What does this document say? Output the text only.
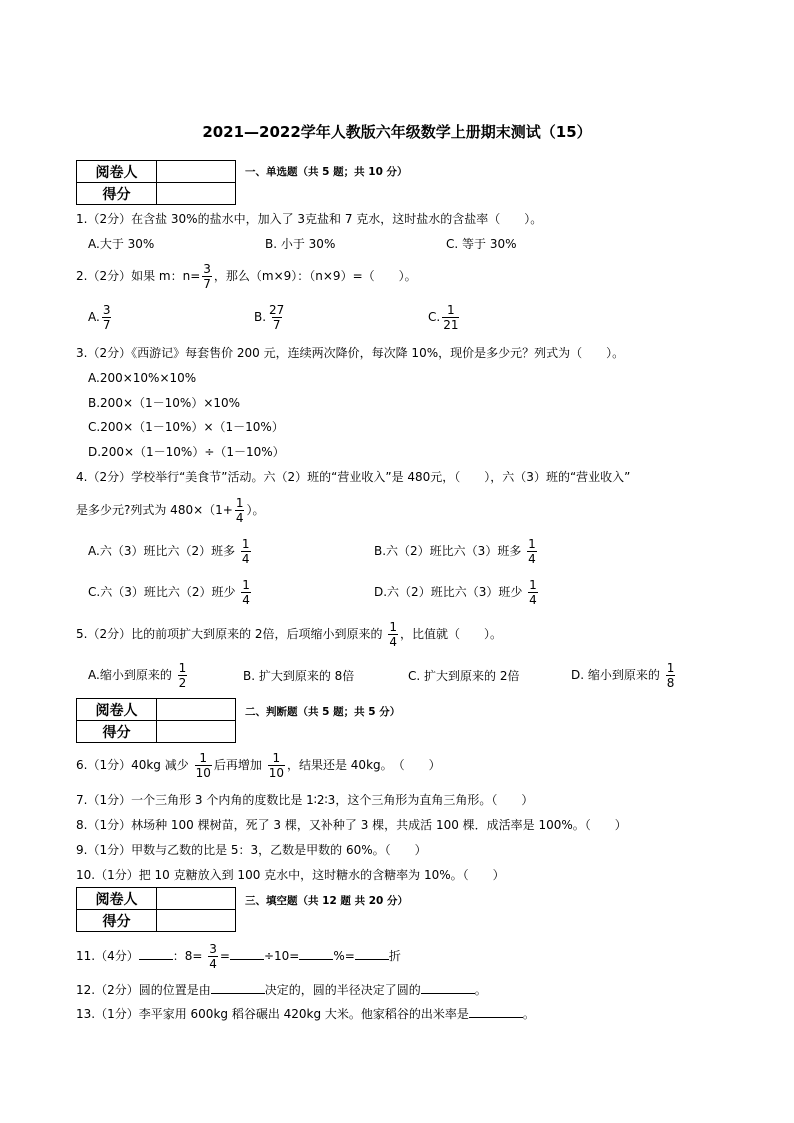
2021—2022学年人教版六年级数学上册期末测试（15）
阅卷人	
得分	
一、单选题（共 5 题；共 10 分）
1.（2分）在含盐 30%的盐水中，加入了 3克盐和 7 克水，这时盐水的含盐率（　　）。
A.大于 30%	B. 小于 30%	C. 等于 30%
2.（2分）如果 m：$n= \frac{3}{7}$ ，那么（m×9）：（n×9）=（　　）。
A. $\frac{3}{7}$	B. $\frac{27}{7}$	C. $\frac{1}{21}$
3.（2分）《西游记》每套售价 200 元，连续两次降价，每次降 10%，现价是多少元？列式为（　　）。
A.200×10%×10%
B.200×（1－10%）×10%
C.200×（1－10%）×（1－10%）
D.200×（1－10%）÷（1－10%）
4.（2分）学校举行“美食节”活动。六（2）班的“营业收入”是 480元，（　　），六（3）班的“营业收入”
是多少元?列式为 $480\times(1+ \frac{1}{4}$ ）。
A.六（3）班比六（2）班多 $\frac{1}{4}$	B.六（2）班比六（3）班多 $\frac{1}{4}$
C.六（3）班比六（2）班少 $\frac{1}{4}$	D.六（2）班比六（3）班少 $\frac{1}{4}$
5.（2分）比的前项扩大到原来的 2倍，后项缩小到原来的 $\frac{1}{4}$ ，比值就（　　）。
A.缩小到原来的 $\frac{1}{2}$	B. 扩大到原来的 8倍	C. 扩大到原来的 2倍	D. 缩小到原来的 $\frac{1}{8}$
阅卷人	
得分	
二、判断题（共 5 题；共 5 分）
6.（1分）40kg 减少 $\frac{1}{10}$ 后再增加 $\frac{1}{10}$ ，结果还是 40kg。　（　　）
7.（1分）一个三角形 3 个内角的度数比是 1∶2∶3，这个三角形为直角三角形。（　　）
8.（1分）林场种 100 棵树苗，死了 3 棵，又补种了 3 棵，共成活 100 棵．成活率是 100%。（　　）
9.（1分）甲数与乙数的比是 5：3，乙数是甲数的 60%。（　　）
10.（1分）把 10 克糖放入到 100 克水中，这时糖水的含糖率为 10%。（　　）
阅卷人	
得分	
三、填空题（共 12 题 共 20 分）
11.（4分）	：$8= \frac{3}{4}$ =	÷10=	%=	折
12.（2分）圆的位置是由	决定的，圆的半径决定了圆的	。
13.（1分）李平家用 600kg 稻谷碾出 420kg 大米。他家稻谷的出米率是	。
